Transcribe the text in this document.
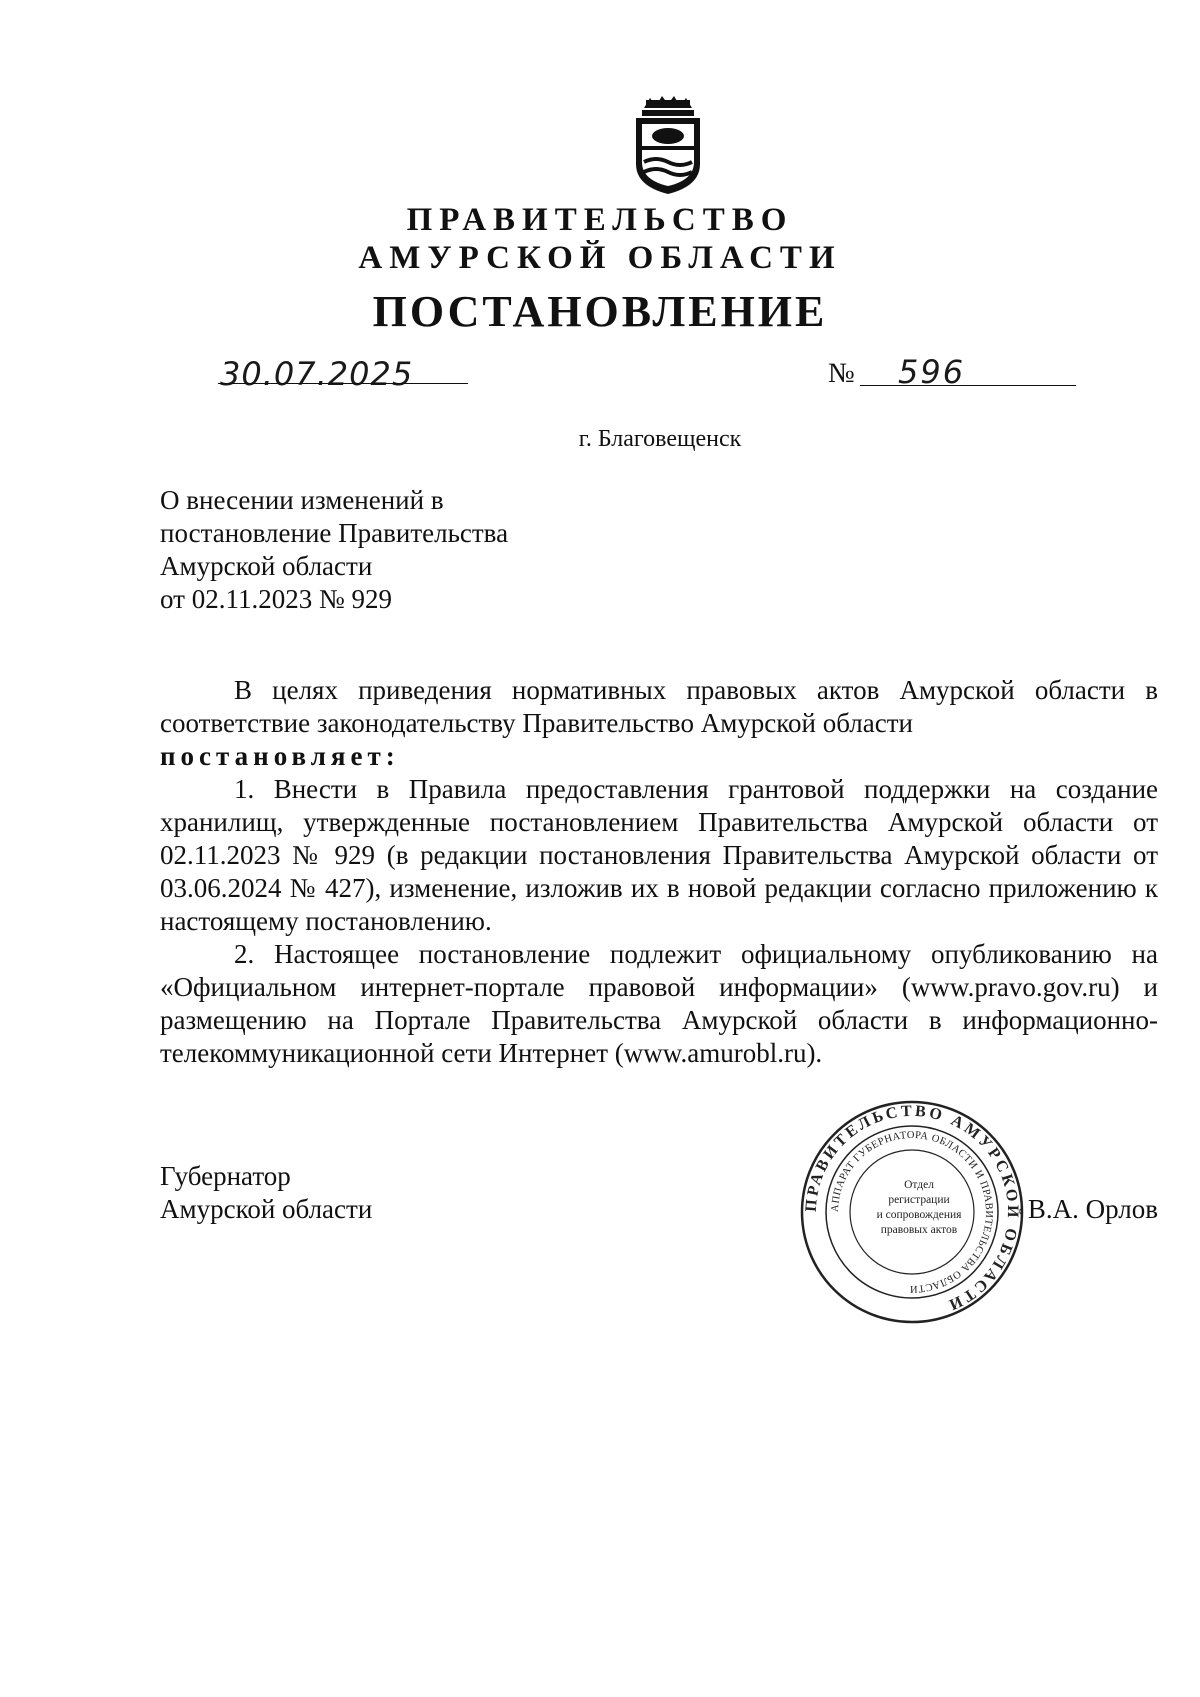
ПРАВИТЕЛЬСТВО
АМУРСКОЙ ОБЛАСТИ
ПОСТАНОВЛЕНИЕ
30.07.2025	№ 596
г. Благовещенск
О внесении изменений в
постановление Правительства
Амурской области
от 02.11.2023 № 929

В целях приведения нормативных правовых актов Амурской области в соответствие законодательству Правительство Амурской области

постановляет:

1. Внести в Правила предоставления грантовой поддержки на создание хранилищ, утвержденные постановлением Правительства Амурской области от 02.11.2023 № 929 (в редакции постановления Правительства Амурской области от 03.06.2024 № 427), изменение, изложив их в новой редакции согласно приложению к настоящему постановлению.

2. Настоящее постановление подлежит официальному опубликованию на «Официальном интернет-портале правовой информации» (www.pravo.gov.ru) и размещению на Портале Правительства Амурской области в информационно-телекоммуникационной сети Интернет (www.amurobl.ru).

ПРАВИТЕЛЬСТВО АМУРСКОЙ ОБЛАСТИ
АППАРАТ ГУБЕРНАТОРА ОБЛАСТИ И ПРАВИТЕЛЬСТВА ОБЛАСТИ
Отдел
регистрации
и сопровождения
правовых актов
Губернатор
Амурской области	В.А. Орлов
